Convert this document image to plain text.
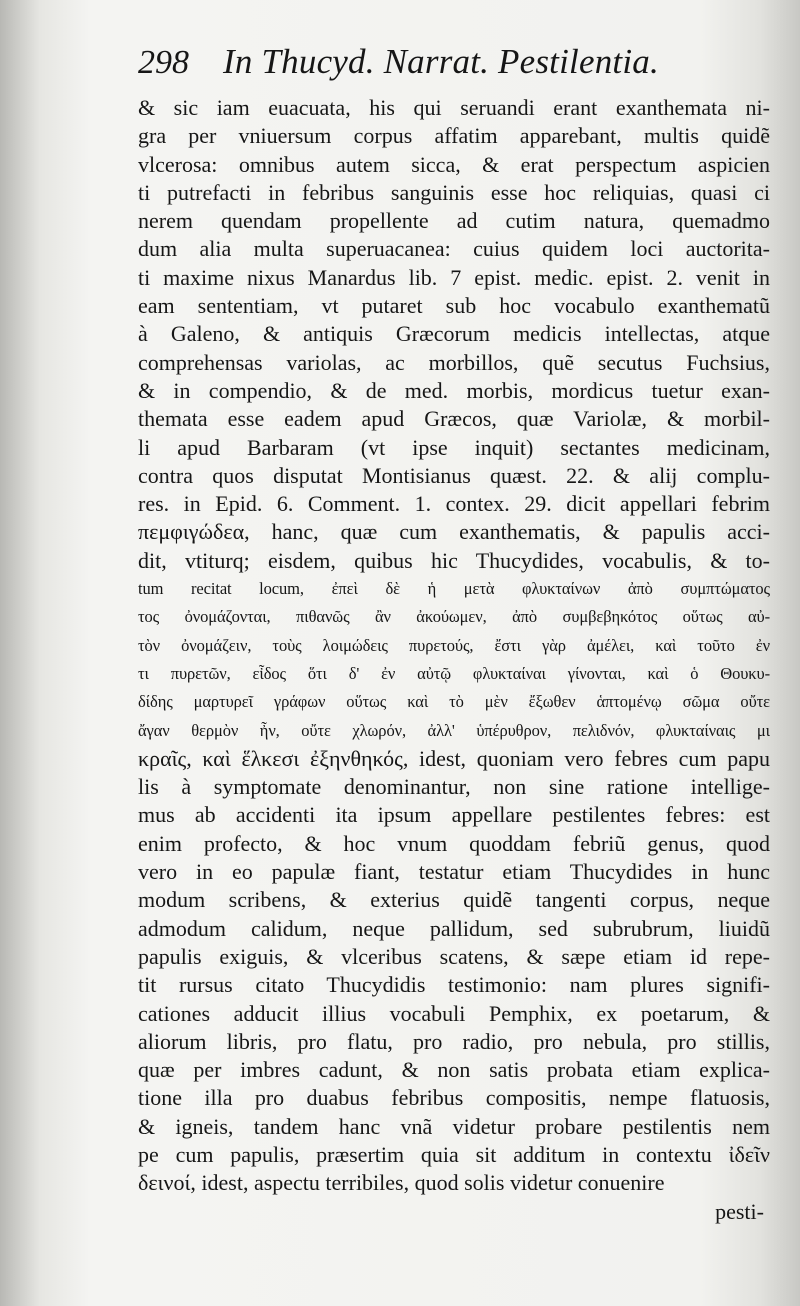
298 In Thucyd. Narrat. Pestilentia.
& sic iam euacuata, his qui seruandi erant exanthemata ni-
gra per vniuersum corpus affatim apparebant, multis quidẽ
vlcerosa: omnibus autem sicca, & erat perspectum aspicien
ti putrefacti in febribus sanguinis esse hoc reliquias, quasi ci
nerem quendam propellente ad cutim natura, quemadmo
dum alia multa superuacanea: cuius quidem loci auctorita-
ti maxime nixus Manardus lib. 7 epist. medic. epist. 2. venit in
eam sententiam, vt putaret sub hoc vocabulo exanthematũ
à Galeno, & antiquis Græcorum medicis intellectas, atque
comprehensas variolas, ac morbillos, quẽ secutus Fuchsius,
& in compendio, & de med. morbis, mordicus tuetur exan-
themata esse eadem apud Græcos, quæ Variolæ, & morbil-
li apud Barbaram (vt ipse inquit) sectantes medicinam,
contra quos disputat Montisianus quæst. 22. & alij complu-
res. in Epid. 6. Comment. 1. contex. 29. dicit appellari febrim
πεμφιγώδεα, hanc, quæ cum exanthematis, & papulis acci-
dit, vtiturq; eisdem, quibus hic Thucydides, vocabulis, & to-
tum recitat locum, ἐπεὶ δὲ ἡ μετὰ φλυκταίνων ἀπὸ συμπτώματος
τος ὀνομάζονται, πιθανῶς ἂν ἀκούωμεν, ἀπὸ συμβεβηκότος οὕτως αὐ-
τὸν ὀνομάζειν, τοὺς λοιμώδεις πυρετούς, ἔστι γὰρ ἀμέλει, καὶ τοῦτο ἐν
τι πυρετῶν, εἶδος ὅτι δ' ἐν αὐτῷ φλυκταίναι γίνονται, καὶ ὁ Θουκυ-
δίδης μαρτυρεῖ γράφων οὕτως καὶ τὸ μὲν ἔξωθεν ἁπτομένῳ σῶμα οὔτε
ἄγαν θερμὸν ἦν, οὔτε χλωρόν, ἀλλ' ὑπέρυθρον, πελιδνόν, φλυκταίναις μι
κραῖς, καὶ ἕλκεσι ἐξηνθηκός, idest, quoniam vero febres cum papu
lis à symptomate denominantur, non sine ratione intellige-
mus ab accidenti ita ipsum appellare pestilentes febres: est
enim profecto, & hoc vnum quoddam febriũ genus, quod
vero in eo papulæ fiant, testatur etiam Thucydides in hunc
modum scribens, & exterius quidẽ tangenti corpus, neque
admodum calidum, neque pallidum, sed subrubrum, liuidũ
papulis exiguis, & vlceribus scatens, & sæpe etiam id repe-
tit rursus citato Thucydidis testimonio: nam plures signifi-
cationes adducit illius vocabuli Pemphix, ex poetarum, &
aliorum libris, pro flatu, pro radio, pro nebula, pro stillis,
quæ per imbres cadunt, & non satis probata etiam explica-
tione illa pro duabus febribus compositis, nempe flatuosis,
& igneis, tandem hanc vnã videtur probare pestilentis nem
pe cum papulis, præsertim quia sit additum in contextu ἰδεῖν
δεινοί, idest, aspectu terribiles, quod solis videtur conuenire
pesti-
